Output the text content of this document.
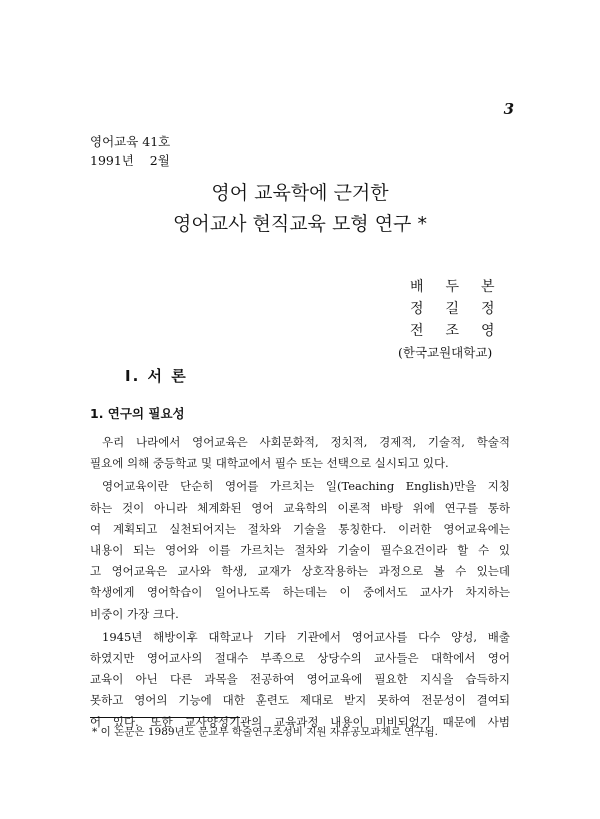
3
영어교육 41호
1991년    2월
영어 교육학에 근거한
영어교사 현직교육 모형 연구 *
배두본
정길정
전조영
(한국교원대학교)
I. 서 론
1. 연구의 필요성
우리 나라에서 영어교육은 사회문화적, 정치적, 경제적, 기술적, 학술적
필요에 의해 중등학교 및 대학교에서 필수 또는 선택으로 실시되고 있다.
영어교육이란 단순히 영어를 가르치는 일(Teaching English)만을 지칭
하는 것이 아니라 체계화된 영어 교육학의 이론적 바탕 위에 연구를 통하
여 계획되고 실천되어지는 절차와 기술을 통칭한다. 이러한 영어교육에는
내용이 되는 영어와 이를 가르치는 절차와 기술이 필수요건이라 할 수 있
고 영어교육은 교사와 학생, 교재가 상호작용하는 과정으로 볼 수 있는데
학생에게 영어학습이 일어나도록 하는데는 이 중에서도 교사가 차지하는
비중이 가장 크다.
1945년 해방이후 대학교나 기타 기관에서 영어교사를 다수 양성, 배출
하였지만 영어교사의 절대수 부족으로 상당수의 교사들은 대학에서 영어
교육이 아닌 다른 과목을 전공하여 영어교육에 필요한 지식을 습득하지
못하고 영어의 기능에 대한 훈련도 제대로 받지 못하여 전문성이 결여되
어 있다. 또한 교사양성기관의 교육과정 내용이 미비되었기 때문에 사범
* 이 논문은 1989년도 문교부 학술연구조성비 지원 자유공모과제로 연구됨.
